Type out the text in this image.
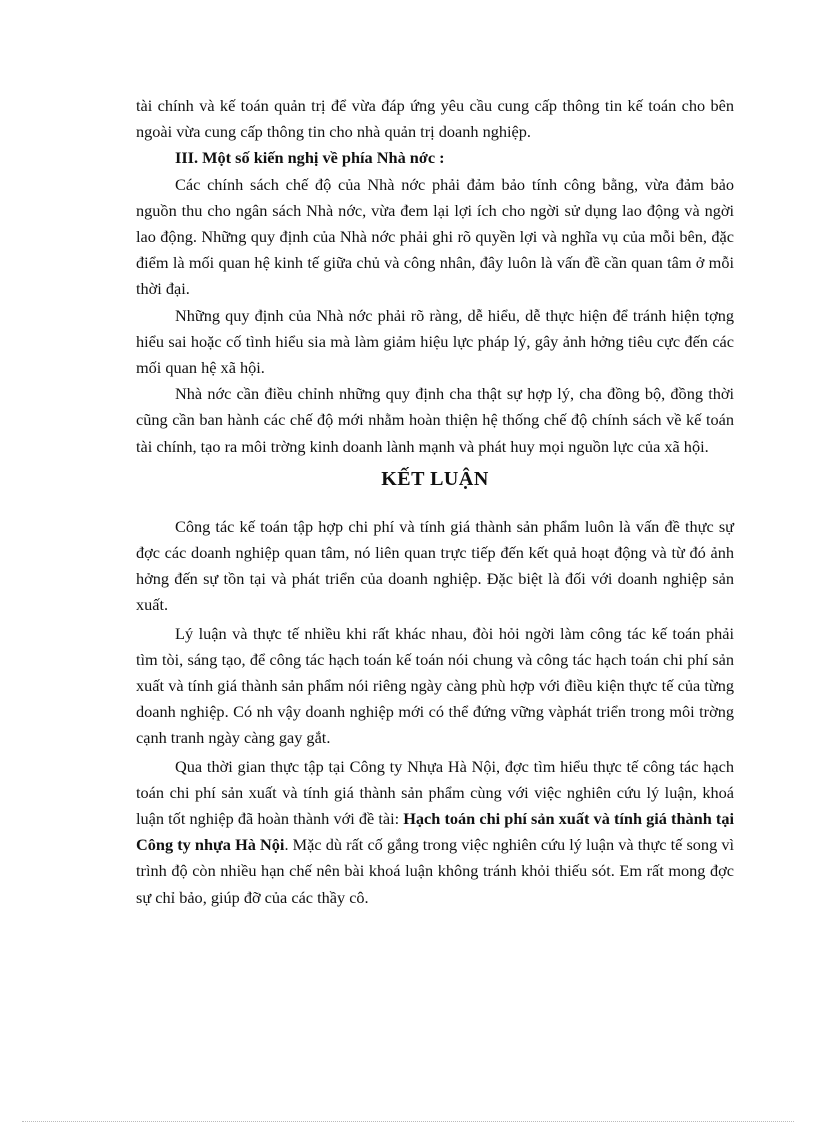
tài chính và kế toán quản trị để vừa đáp ứng yêu cầu cung cấp thông tin kế toán cho bên ngoài vừa cung cấp thông tin cho nhà quản trị doanh nghiệp.

III. Một số kiến nghị về phía Nhà nớc :

Các chính sách chế độ của Nhà nớc phải đảm bảo tính công bằng, vừa đảm bảo nguồn thu cho ngân sách Nhà nớc, vừa đem lại lợi ích cho ngời sử dụng lao động và ngời lao động. Những quy định của Nhà nớc phải ghi rõ quyền lợi và nghĩa vụ của mỗi bên, đặc điểm là mối quan hệ kinh tế giữa chủ và công nhân, đây luôn là vấn đề cần quan tâm ở mỗi thời đại.

Những quy định của Nhà nớc phải rõ ràng, dễ hiểu, dễ thực hiện để tránh hiện tợng hiểu sai hoặc cố tình hiểu sia mà làm giảm hiệu lực pháp lý, gây ảnh hởng tiêu cực đến các mối quan hệ xã hội.

Nhà nớc cần điều chỉnh những quy định cha thật sự hợp lý, cha đồng bộ, đồng thời cũng cần ban hành các chế độ mới nhằm hoàn thiện hệ thống chế độ chính sách về kế toán tài chính, tạo ra môi trờng kinh doanh lành mạnh và phát huy mọi nguồn lực của xã hội.

KẾT LUẬN

Công tác kế toán tập hợp chi phí và tính giá thành sản phẩm luôn là vấn đề thực sự đợc các doanh nghiệp quan tâm, nó liên quan trực tiếp đến kết quả hoạt động và từ đó ảnh hởng đến sự tồn tại và phát triển của doanh nghiệp. Đặc biệt là đối với doanh nghiệp sản xuất.

Lý luận và thực tế nhiều khi rất khác nhau, đòi hỏi ngời làm công tác kế toán phải tìm tòi, sáng tạo, để công tác hạch toán kế toán nói chung và công tác hạch toán chi phí sản xuất và tính giá thành sản phẩm nói riêng ngày càng phù hợp với điều kiện thực tế của từng doanh nghiệp. Có nh vậy doanh nghiệp mới có thể đứng vững vàphát triển trong môi trờng cạnh tranh ngày càng gay gắt.

Qua thời gian thực tập tại Công ty Nhựa Hà Nội, đợc tìm hiểu thực tế công tác hạch toán chi phí sản xuất và tính giá thành sản phẩm cùng với việc nghiên cứu lý luận, khoá luận tốt nghiệp đã hoàn thành với đề tài: Hạch toán chi phí sản xuất và tính giá thành tại Công ty nhựa Hà Nội. Mặc dù rất cố gắng trong việc nghiên cứu lý luận và thực tế song vì trình độ còn nhiều hạn chế nên bài khoá luận không tránh khỏi thiếu sót. Em rất mong đợc sự chỉ bảo, giúp đỡ của các thầy cô.
